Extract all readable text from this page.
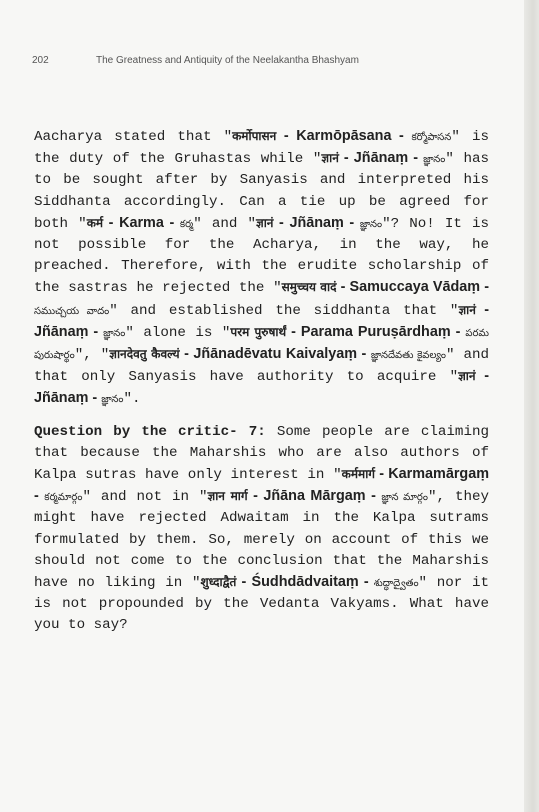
202	The Greatness and Antiquity of the Neelakantha Bhashyam

Aacharya stated that "कर्मोपासन - Karmōpāsana - కర్మోపాసన" is the duty of the Gruhastas while "ज्ञानं - Jñānaṃ - జ్ఞానం" has to be sought after by Sanyasis and interpreted his Siddhanta accordingly. Can a tie up be agreed for both "कर्म - Karma - కర్మ" and "ज्ञानं - Jñānaṃ - జ్ఞానం"? No! It is not possible for the Acharya, in the way, he preached. Therefore, with the erudite scholarship of the sastras he rejected the "समुच्चय वादं - Samuccaya Vādaṃ - సముచ్చయ వాదం" and established the siddhanta that "ज्ञानं - Jñānaṃ - జ్ఞానం" alone is "परम पुरुषार्थं - Parama Puruṣārdhaṃ - పరమ పురుషార్థం", "ज्ञानदेवतु कैवल्यं - Jñānadēvatu Kaivalyaṃ - జ్ఞానదేవతు కైవల్యం" and that only Sanyasis have authority to acquire "ज्ञानं - Jñānaṃ - జ్ఞానం".

Question by the critic- 7: Some people are claiming that because the Maharshis who are also authors of Kalpa sutras have only interest in "कर्ममार्ग - Karmamārgaṃ - కర్మమార్గం" and not in "ज्ञान मार्ग - Jñāna Mārgaṃ - జ్ఞాన మార్గం", they might have rejected Adwaitam in the Kalpa sutrams formulated by them. So, merely on account of this we should not come to the conclusion that the Maharshis have no liking in "शुध्दाद्वैतं - Śudhdādvaitaṃ - శుద్ధాద్వైతం" nor it is not propounded by the Vedanta Vakyams. What have you to say?
